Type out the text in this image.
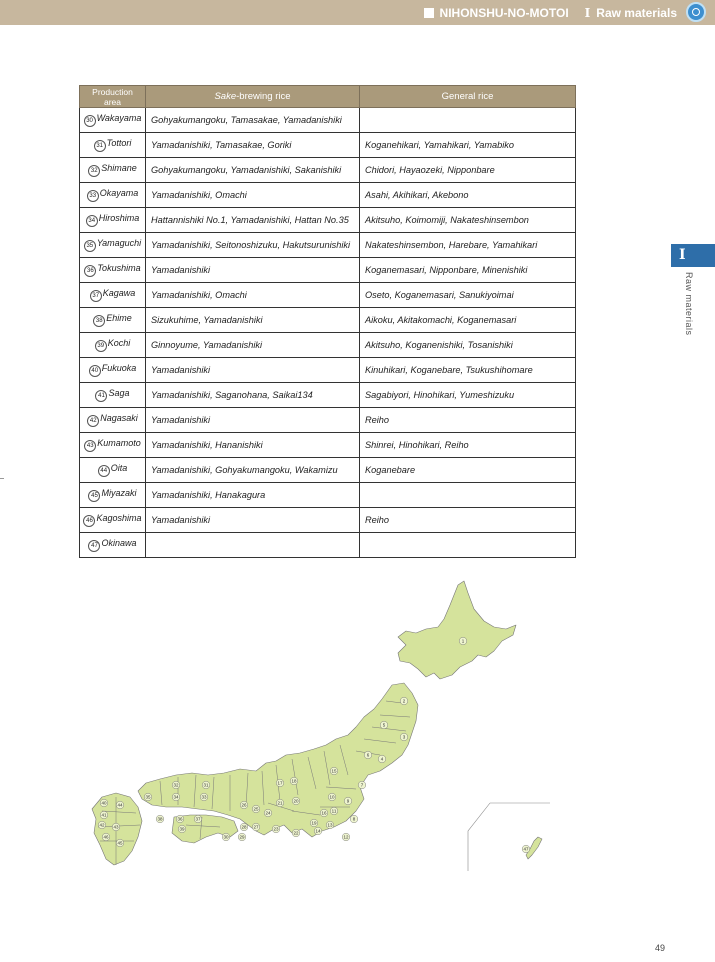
NIHONSHU-NO-MOTOI Ⅰ Raw materials
Production
area	Sake-brewing rice	General rice
30 Wakayama	Gohyakumangoku, Tamasakae, Yamadanishiki	
31 Tottori	Yamadanishiki, Tamasakae, Goriki	Koganehikari, Yamahikari, Yamabiko
32 Shimane	Gohyakumangoku, Yamadanishiki, Sakanishiki	Chidori, Hayaozeki, Nipponbare
33 Okayama	Yamadanishiki, Omachi	Asahi, Akihikari, Akebono
34 Hiroshima	Hattannishiki No.1, Yamadanishiki, Hattan No.35	Akitsuho, Koimomiji, Nakateshinsembon
35 Yamaguchi	Yamadanishiki, Seitonoshizuku, Hakutsurunishiki	Nakateshinsembon, Harebare, Yamahikari
36 Tokushima	Yamadanishiki	Koganemasari, Nipponbare, Minenishiki
37 Kagawa	Yamadanishiki, Omachi	Oseto, Koganemasari, Sanukiyoimai
38 Ehime	Sizukuhime, Yamadanishiki	Aikoku, Akitakomachi, Koganemasari
39 Kochi	Ginnoyume, Yamadanishiki	Akitsuho, Koganenishiki, Tosanishiki
40 Fukuoka	Yamadanishiki	Kinuhikari, Koganebare, Tsukushihomare
41 Saga	Yamadanishiki, Saganohana, Saikai134	Sagabiyori, Hinohikari, Yumeshizuku
42 Nagasaki	Yamadanishiki	Reiho
43 Kumamoto	Yamadanishiki, Hananishiki	Shinrei, Hinohikari, Reiho
44 Oita	Yamadanishiki, Gohyakumangoku, Wakamizu	Koganebare
45 Miyazaki	Yamadanishiki, Hanakagura	
46 Kagoshima	Yamadanishiki	Reiho
47 Okinawa		
I
Raw materials
1
2
3
4
5
6
7
8
9
10
11
12
13
14
15
16
17 18
19
20
21
22
23
24
25
26
27
28
29
30
31
32
33
34
35
36	37
38
39
40
41
42 43
44
45
46
47
49
